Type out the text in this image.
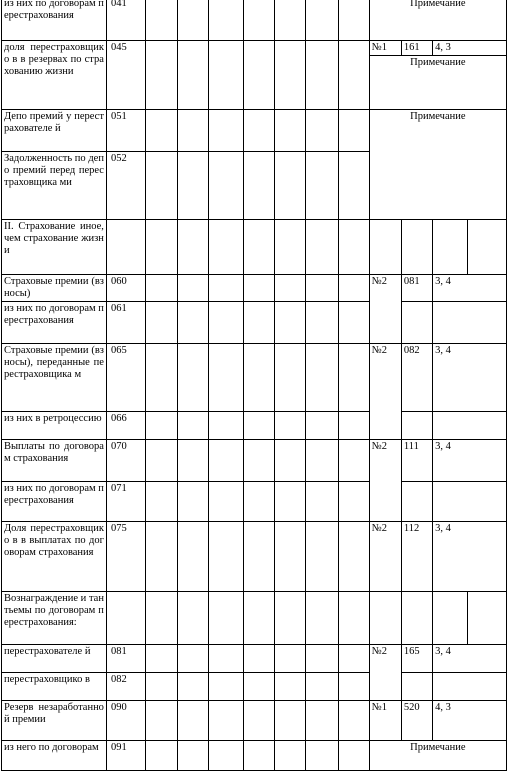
из них по договорам перестрахования	041								Примечание			
доля перестраховщико в в резервах по страхованию жизни	045								№1	161	4, 3	
									Примечание			
Депо премий у перестрахователе й	051								Примечание			
Задолженность по депо премий перед перестраховщика ми	052											
II. Страхование иное, чем страхование жизни												
Страховые премии (взносы)	060								№2	081	3, 4	
из них по договорам перестрахования	061											
Страховые премии (взносы), переданные перестраховщика м	065								№2	082	3, 4	
из них в ретроцессию	066											
Выплаты по договорам страхования	070								№2	111	3, 4	
из них по договорам перестрахования	071											
Доля перестраховщико в в выплатах по договорам страхования	075								№2	112	3, 4	
Вознаграждение и тантьемы по договорам перестрахования:												
перестрахователе й	081								№2	165	3, 4	
перестраховщико в	082											
Резерв незаработанной премии	090								№1	520	4, 3	
из него по договорам	091								Примечание			
